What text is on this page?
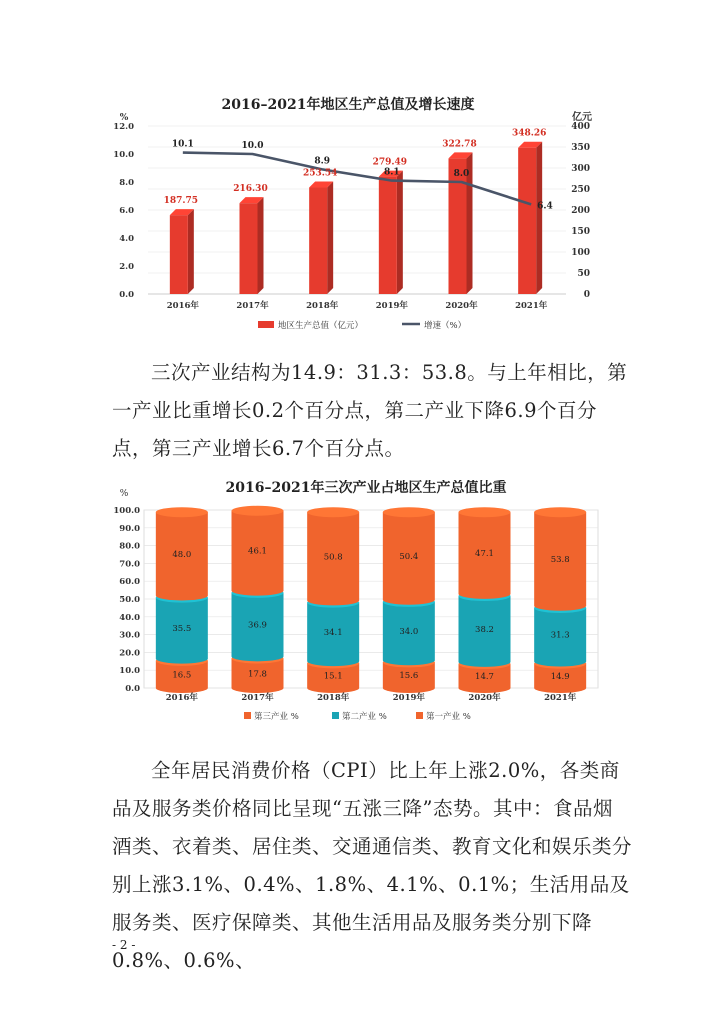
2016–2021年地区生产总值及增长速度
%	亿元
0.0
2.0
4.0
6.0
8.0
10.0
12.0
0
50
100
150
200
250
300
350
400
187.75
216.30
253.54
279.49
322.78
348.26
10.1	10.0
8.9
8.1	8.0
6.4
2016年	2017年	2018年	2019年	2020年	2021年
地区生产总值（亿元）	增速（%）

三次产业结构为14.9：31.3：53.8。与上年相比，第一产业比重增长0.2个百分点，第二产业下降6.9个百分点，第三产业增长6.7个百分点。

2016–2021年三次产业占地区生产总值比重
%
0.0
10.0
20.0
30.0
40.0
50.0
60.0
70.0
80.0
90.0
100.0
16.5
35.5
48.0
17.8
36.9
46.1
15.1
34.1
50.8
15.6
34.0
50.4
14.7
38.2
47.1
14.9
31.3
53.8
2016年	2017年	2018年	2019年	2020年	2021年
第三产业 %	第二产业 %	第一产业 %

全年居民消费价格（CPI）比上年上涨2.0%，各类商品及服务类价格同比呈现“五涨三降”态势。其中：食品烟酒类、衣着类、居住类、交通通信类、教育文化和娱乐类分别上涨3.1%、0.4%、1.8%、4.1%、0.1%；生活用品及服务类、医疗保障类、其他生活用品及服务类分别下降0.8%、0.6%、

- 2 -
